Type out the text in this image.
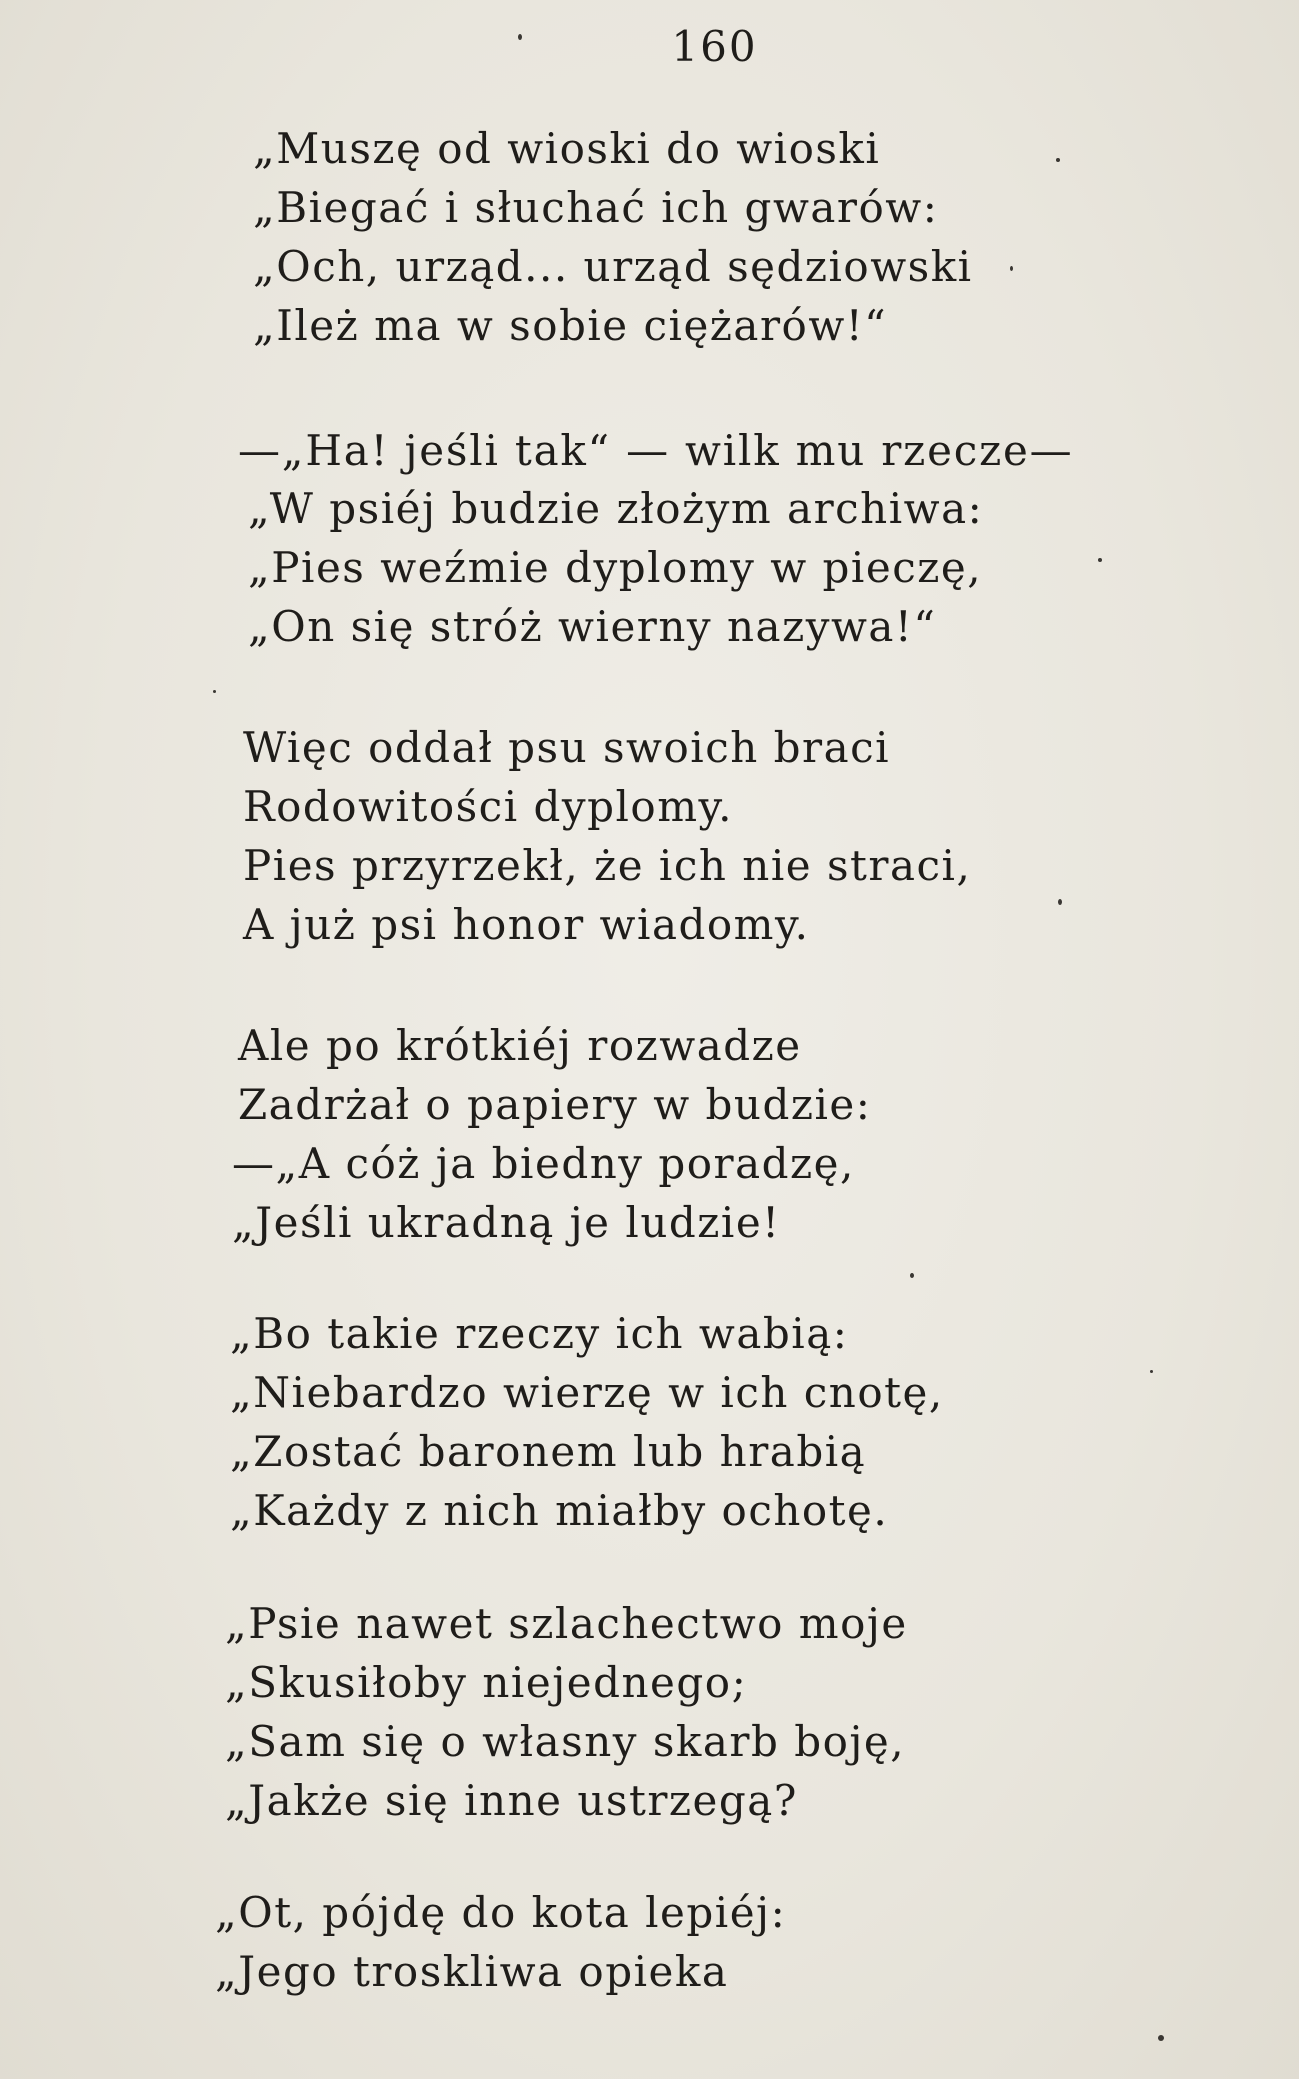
160
„Muszę od wioski do wioski
„Biegać i słuchać ich gwarów:
„Och, urząd... urząd sędziowski
„Ileż ma w sobie ciężarów!“
—„Ha! jeśli tak“ — wilk mu rzecze—
„W psiéj budzie złożym archiwa:
„Pies weźmie dyplomy w pieczę,
„On się stróż wierny nazywa!“
Więc oddał psu swoich braci
Rodowitości dyplomy.
Pies przyrzekł, że ich nie straci,
A już psi honor wiadomy.
Ale po krótkiéj rozwadze
Zadrżał o papiery w budzie:
—„A cóż ja biedny poradzę,
„Jeśli ukradną je ludzie!
„Bo takie rzeczy ich wabią:
„Niebardzo wierzę w ich cnotę,
„Zostać baronem lub hrabią
„Każdy z nich miałby ochotę.
„Psie nawet szlachectwo moje
„Skusiłoby niejednego;
„Sam się o własny skarb boję,
„Jakże się inne ustrzegą?
„Ot, pójdę do kota lepiéj:
„Jego troskliwa opieka
